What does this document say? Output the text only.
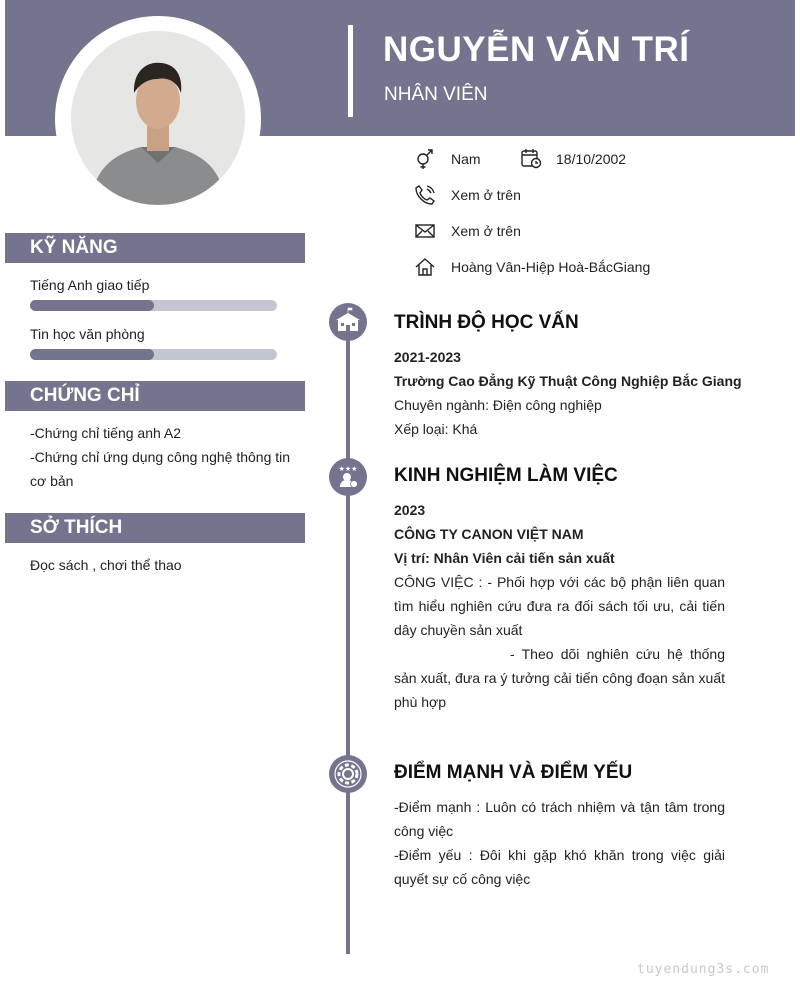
NGUYỄN VĂN TRÍ
NHÂN VIÊN
Nam	18/10/2002
Xem ở trên
Xem ở trên
Hoàng Vân-Hiệp Hoà-BắcGiang
KỸ NĂNG
Tiếng Anh giao tiếp
Tin học văn phòng
CHỨNG CHỈ
-Chứng chỉ tiếng anh A2
-Chứng chỉ ứng dụng công nghệ thông tin cơ bản
SỞ THÍCH
Đọc sách , chơi thể thao
★★★
TRÌNH ĐỘ HỌC VẤN
2021-2023
Trường Cao Đẳng Kỹ Thuật Công Nghiệp Bắc Giang
Chuyên ngành: Điện công nghiệp
Xếp loại: Khá
KINH NGHIỆM LÀM VIỆC
2023
CÔNG TY CANON VIỆT NAM
Vị trí: Nhân Viên cải tiến sản xuất
CÔNG VIỆC : - Phối hợp với các bộ phận liên quan tìm hiểu nghiên cứu đưa ra đối sách tối ưu, cải tiến dây chuyền sản xuất
- Theo dõi nghiên cứu hệ thống sản xuất, đưa ra ý tưởng cải tiến công đoạn sản xuất phù hợp
ĐIỂM MẠNH VÀ ĐIỂM YẾU
-Điểm mạnh : Luôn có trách nhiệm và tận tâm trong công việc
-Điểm yếu : Đôi khi gặp khó khăn trong việc giải quyết sự cố công việc
tuyendung3s.com
